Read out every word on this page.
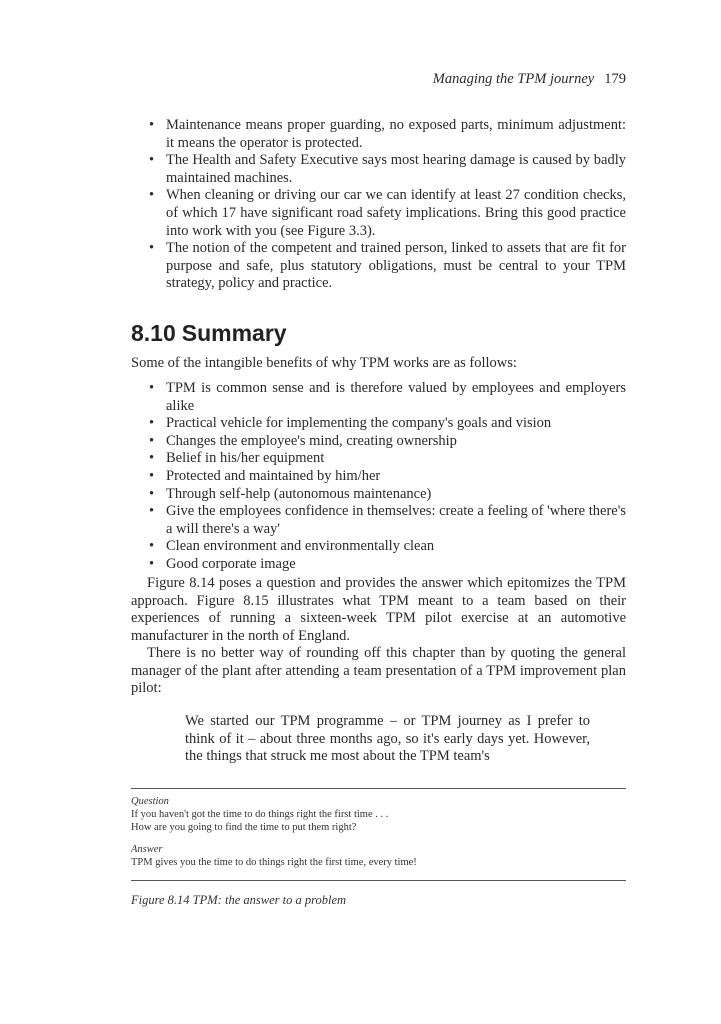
Managing the TPM journey 179
• Maintenance means proper guarding, no exposed parts, minimum adjustment: it means the operator is protected.
• The Health and Safety Executive says most hearing damage is caused by badly maintained machines.
• When cleaning or driving our car we can identify at least 27 condition checks, of which 17 have significant road safety implications. Bring this good practice into work with you (see Figure 3.3).
• The notion of the competent and trained person, linked to assets that are fit for purpose and safe, plus statutory obligations, must be central to your TPM strategy, policy and practice.
8.10 Summary
Some of the intangible benefits of why TPM works are as follows:
• TPM is common sense and is therefore valued by employees and employers alike
• Practical vehicle for implementing the company's goals and vision
• Changes the employee's mind, creating ownership
• Belief in his/her equipment
• Protected and maintained by him/her
• Through self-help (autonomous maintenance)
• Give the employees confidence in themselves: create a feeling of 'where there's a will there's a way'
• Clean environment and environmentally clean
• Good corporate image
Figure 8.14 poses a question and provides the answer which epitomizes the TPM approach. Figure 8.15 illustrates what TPM meant to a team based on their experiences of running a sixteen-week TPM pilot exercise at an automotive manufacturer in the north of England.
There is no better way of rounding off this chapter than by quoting the general manager of the plant after attending a team presentation of a TPM improvement plan pilot:
We started our TPM programme – or TPM journey as I prefer to think of it – about three months ago, so it's early days yet. However, the things that struck me most about the TPM team's
Question
If you haven't got the time to do things right the first time . . .
How are you going to find the time to put them right?
Answer
TPM gives you the time to do things right the first time, every time!
Figure 8.14 TPM: the answer to a problem
